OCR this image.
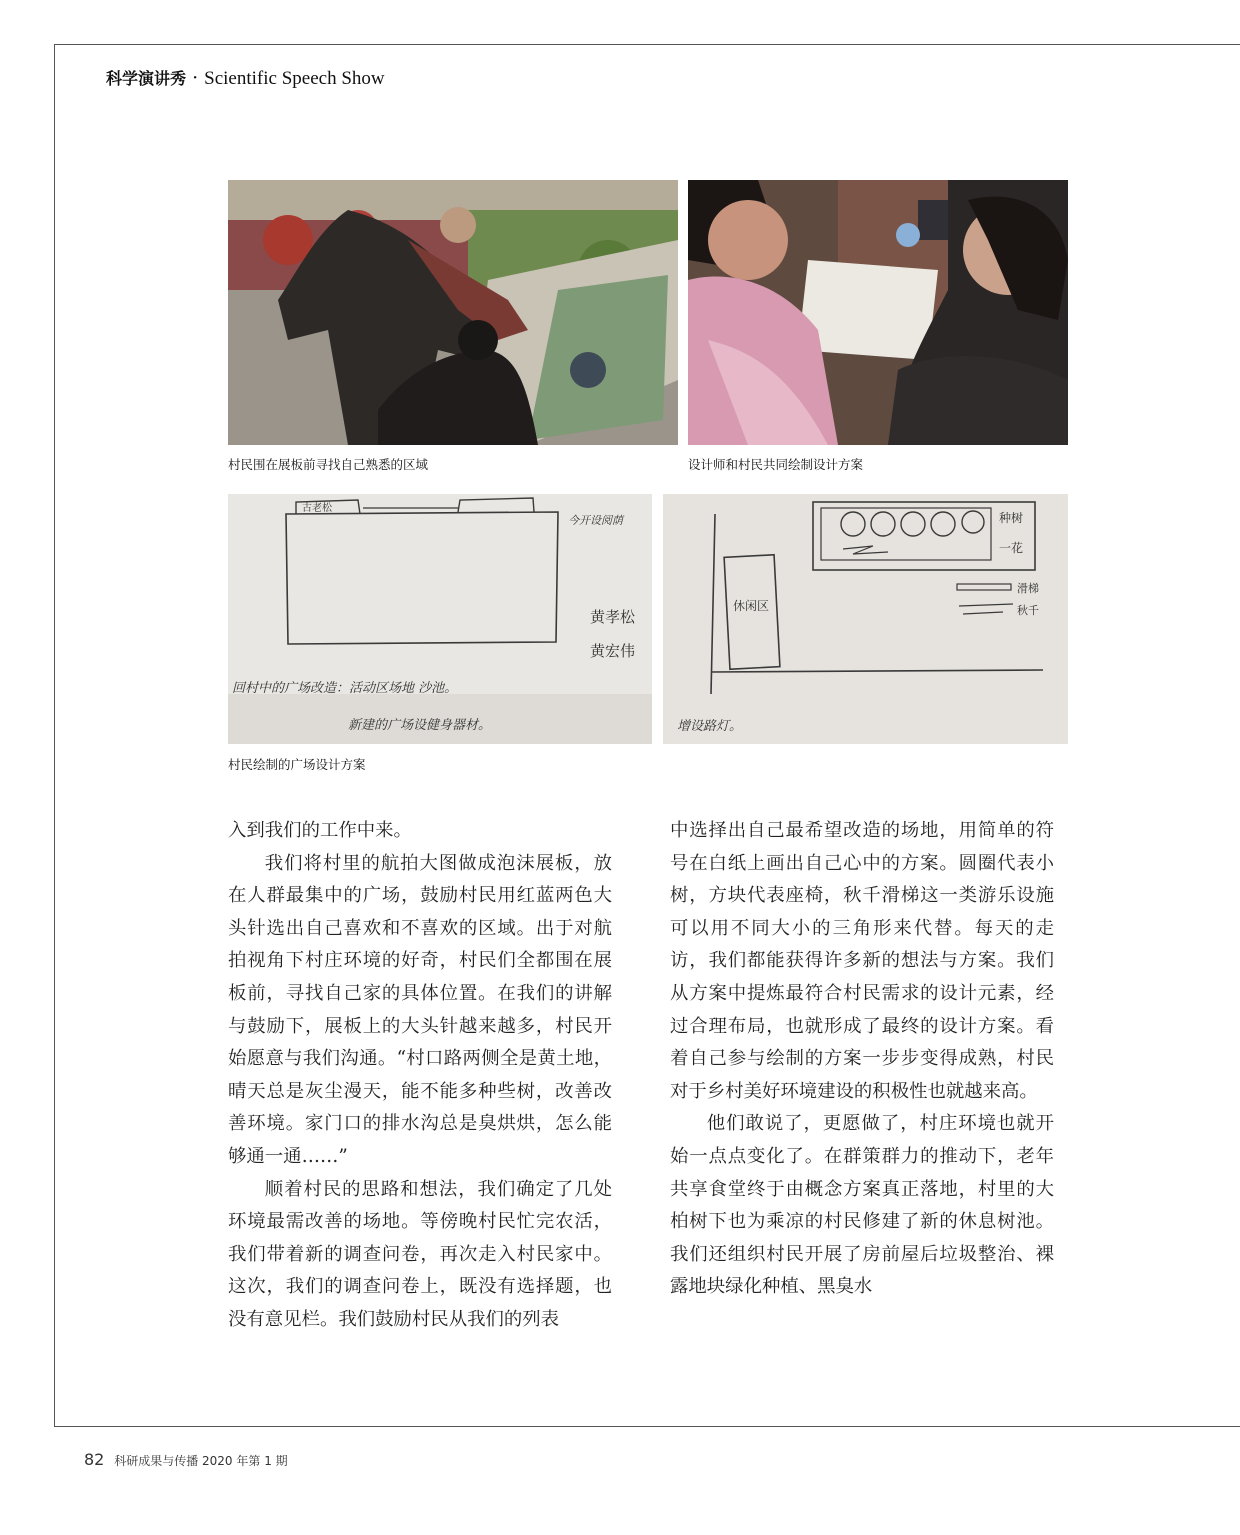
科学演讲秀 · Scientific Speech Show
村民围在展板前寻找自己熟悉的区域	设计师和村民共同绘制设计方案
古老松
今开设阅荫
黄孝松
黄宏伟
回村中的广场改造：活动区场地 沙池。
新建的广场设健身器材。
休闲区
种树
一花
滑梯
秋千
增设路灯。
村民绘制的广场设计方案

入到我们的工作中来。

我们将村里的航拍大图做成泡沫展板，放在人群最集中的广场，鼓励村民用红蓝两色大头针选出自己喜欢和不喜欢的区域。出于对航拍视角下村庄环境的好奇，村民们全都围在展板前，寻找自己家的具体位置。在我们的讲解与鼓励下，展板上的大头针越来越多，村民开始愿意与我们沟通。“村口路两侧全是黄土地，晴天总是灰尘漫天，能不能多种些树，改善改善环境。家门口的排水沟总是臭烘烘，怎么能够通一通……”

顺着村民的思路和想法，我们确定了几处环境最需改善的场地。等傍晚村民忙完农活，我们带着新的调查问卷，再次走入村民家中。这次，我们的调查问卷上，既没有选择题，也没有意见栏。我们鼓励村民从我们的列表

中选择出自己最希望改造的场地，用简单的符号在白纸上画出自己心中的方案。圆圈代表小树，方块代表座椅，秋千滑梯这一类游乐设施可以用不同大小的三角形来代替。每天的走访，我们都能获得许多新的想法与方案。我们从方案中提炼最符合村民需求的设计元素，经过合理布局，也就形成了最终的设计方案。看着自己参与绘制的方案一步步变得成熟，村民对于乡村美好环境建设的积极性也就越来高。

他们敢说了，更愿做了，村庄环境也就开始一点点变化了。在群策群力的推动下，老年共享食堂终于由概念方案真正落地，村里的大柏树下也为乘凉的村民修建了新的休息树池。我们还组织村民开展了房前屋后垃圾整治、裸露地块绿化种植、黑臭水

82 科研成果与传播 2020 年第 1 期
